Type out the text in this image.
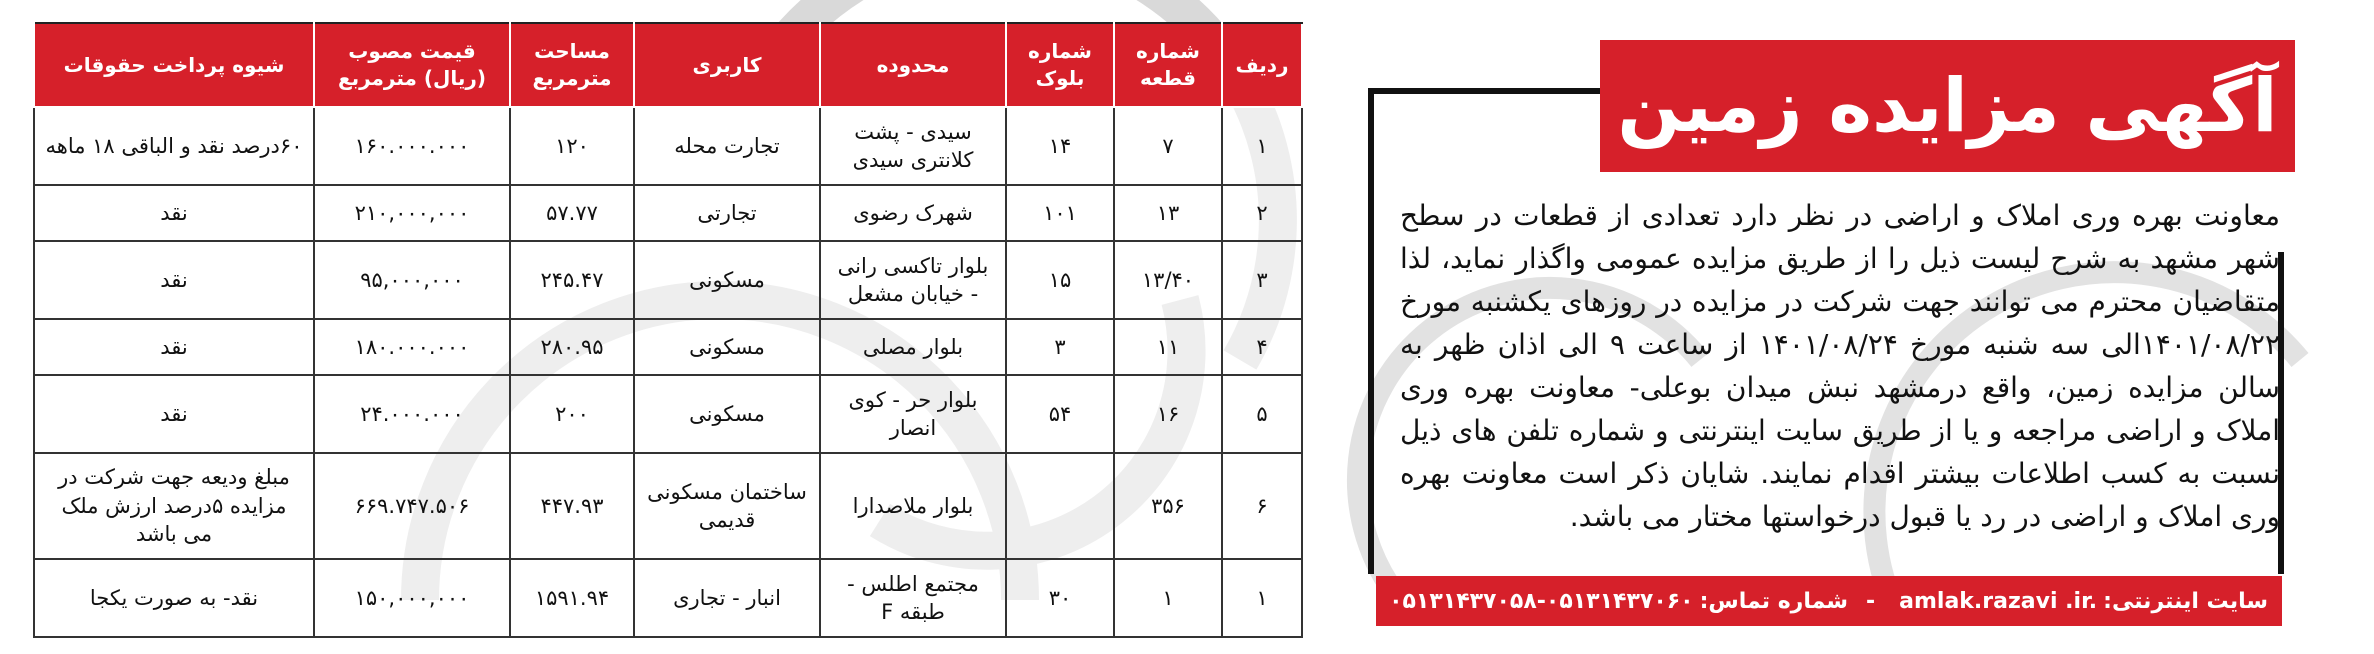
ردیف	شماره قطعه	شماره بلوک	محدوده	کاربری	مساحت مترمربع	قیمت مصوب (ریال) مترمربع	شیوه پرداخت حقوقات
۱	۷	۱۴	سیدی - پشت کلانتری سیدی	تجارت محله	۱۲۰	۱۶۰.۰۰۰.۰۰۰	۶۰درصد نقد و الباقی ۱۸ ماهه
۲	۱۳	۱۰۱	شهرک رضوی	تجارتی	۵۷.۷۷	۲۱۰,۰۰۰,۰۰۰	نقد
۳	۱۳/۴۰	۱۵	بلوار تاکسی رانی - خیابان مشعل	مسکونی	۲۴۵.۴۷	۹۵,۰۰۰,۰۰۰	نقد
۴	۱۱	۳	بلوار مصلی	مسکونی	۲۸۰.۹۵	۱۸۰.۰۰۰.۰۰۰	نقد
۵	۱۶	۵۴	بلوار حر - کوی انصار	مسکونی	۲۰۰	۲۴.۰۰۰.۰۰۰	نقد
۶	۳۵۶		بلوار ملاصدارا	ساختمان مسکونی قدیمی	۴۴۷.۹۳	۶۶۹.۷۴۷.۵۰۶	مبلغ ودیعه جهت شرکت در مزایده ۵درصد ارزش ملک می باشد
۱	۱	۳۰	مجتمع اطلس - طبقه F	انبار - تجاری	۱۵۹۱.۹۴	۱۵۰,۰۰۰,۰۰۰	نقد- به صورت یکجا
آگهی مزایده زمین
معاونت بهره وری املاک و اراضی در نظر دارد تعدادی از قطعات در سطح شهر مشهد به شرح لیست ذیل را از طریق مزایده عمومی واگذار نماید، لذا متقاضیان محترم می توانند جهت شرکت در مزایده در روزهای یکشنبه مورخ ۱۴۰۱/۰۸/۲۲الی سه شنبه مورخ ۱۴۰۱/۰۸/۲۴ از ساعت ۹ الی اذان ظهر به سالن مزایده زمین، واقع درمشهد نبش میدان بوعلی- معاونت بهره وری املاک و اراضی مراجعه و یا از طریق سایت اینترنتی و شماره تلفن های ذیل نسبت به کسب اطلاعات بیشتر اقدام نمایند. شایان ذکر است معاونت بهره وری املاک و اراضی در رد یا قبول درخواستها مختار می باشد.
سایت اینترنتی:
amlak.razavi .ir.
-
شماره تماس:
۰۵۱۳۱۴۳۷۰۵۸-۰۵۱۳۱۴۳۷۰۶۰
